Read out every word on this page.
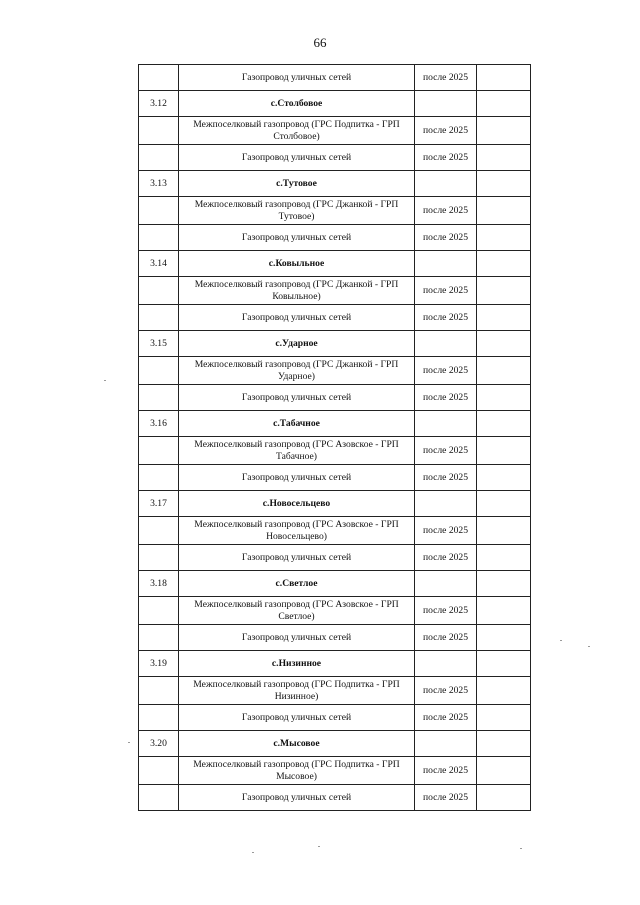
66
	Газопровод уличных сетей	после 2025	
3.12	с.Столбовое		
	Межпоселковый газопровод (ГРС Подпитка - ГРП Столбовое)	после 2025	
	Газопровод уличных сетей	после 2025	
3.13	с.Тутовое		
	Межпоселковый газопровод (ГРС Джанкой - ГРП Тутовое)	после 2025	
	Газопровод уличных сетей	после 2025	
3.14	с.Ковыльное		
	Межпоселковый газопровод (ГРС Джанкой - ГРП Ковыльное)	после 2025	
	Газопровод уличных сетей	после 2025	
3.15	с.Ударное		
	Межпоселковый газопровод (ГРС Джанкой - ГРП Ударное)	после 2025	
	Газопровод уличных сетей	после 2025	
3.16	с.Табачное		
	Межпоселковый газопровод (ГРС Азовское - ГРП Табачное)	после 2025	
	Газопровод уличных сетей	после 2025	
3.17	с.Новосельцево		
	Межпоселковый газопровод (ГРС Азовское - ГРП Новосельцево)	после 2025	
	Газопровод уличных сетей	после 2025	
3.18	с.Светлое		
	Межпоселковый газопровод (ГРС Азовское - ГРП Светлое)	после 2025	
	Газопровод уличных сетей	после 2025	
3.19	с.Низинное		
	Межпоселковый газопровод (ГРС Подпитка - ГРП Низинное)	после 2025	
	Газопровод уличных сетей	после 2025	
3.20	с.Мысовое		
	Межпоселковый газопровод (ГРС Подпитка - ГРП Мысовое)	после 2025	
	Газопровод уличных сетей	после 2025	
